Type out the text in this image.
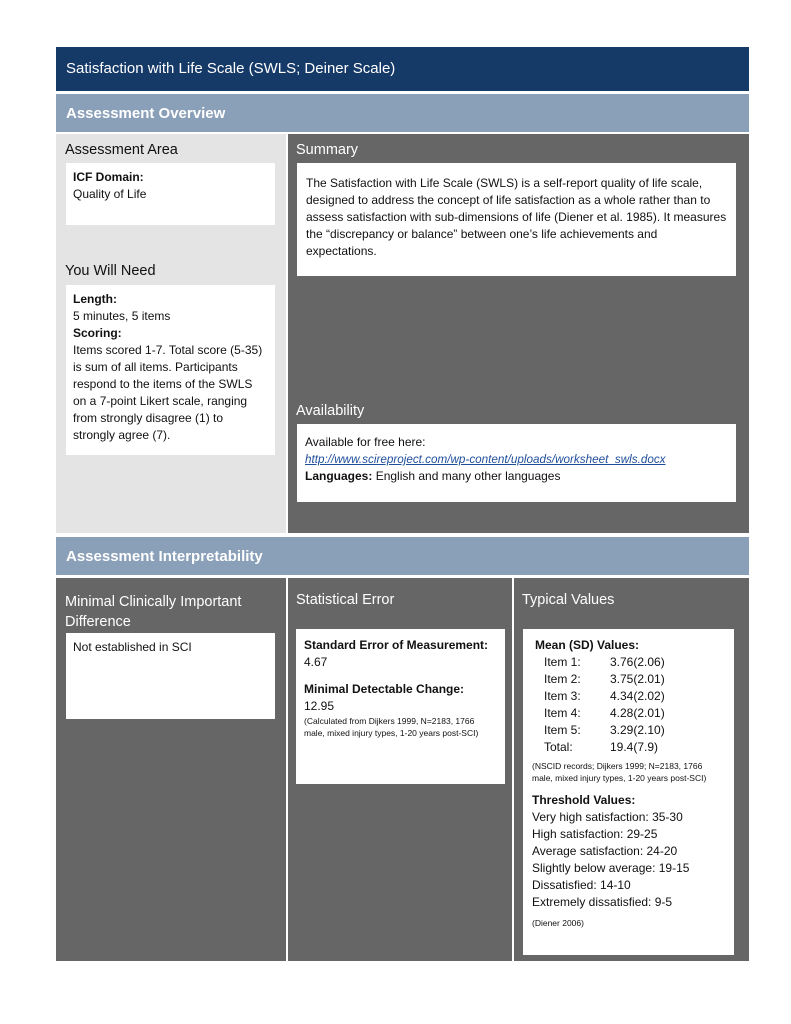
Satisfaction with Life Scale (SWLS; Deiner Scale)
Assessment Overview
Assessment Area
ICF Domain:
Quality of Life
You Will Need
Length:
5 minutes, 5 items
Scoring:
Items scored 1-7. Total score (5-35) is sum of all items. Participants respond to the items of the SWLS on a 7-point Likert scale, ranging from strongly disagree (1) to strongly agree (7).
Summary
The Satisfaction with Life Scale (SWLS) is a self-report quality of life scale, designed to address the concept of life satisfaction as a whole rather than to assess satisfaction with sub-dimensions of life (Diener et al. 1985). It measures the “discrepancy or balance” between one’s life achievements and expectations.
Availability
Available for free here:
http://www.scireproject.com/wp-content/uploads/worksheet_swls.docx
Languages: English and many other languages
Assessment Interpretability
Minimal Clinically Important Difference
Not established in SCI
Statistical Error
Standard Error of Measurement:
4.67
Minimal Detectable Change:
12.95
(Calculated from Dijkers 1999, N=2183, 1766 male, mixed injury types, 1-20 years post-SCI)
Typical Values
Mean (SD) Values:
Item 1:	3.76(2.06)
Item 2:	3.75(2.01)
Item 3:	4.34(2.02)
Item 4:	4.28(2.01)
Item 5:	3.29(2.10)
Total:	19.4(7.9)
(NSCID records; Dijkers 1999; N=2183, 1766 male, mixed injury types, 1-20 years post-SCI)
Threshold Values:
Very high satisfaction: 35-30
High satisfaction: 29-25
Average satisfaction: 24-20
Slightly below average: 19-15
Dissatisfied: 14-10
Extremely dissatisfied: 9-5
(Diener 2006)
